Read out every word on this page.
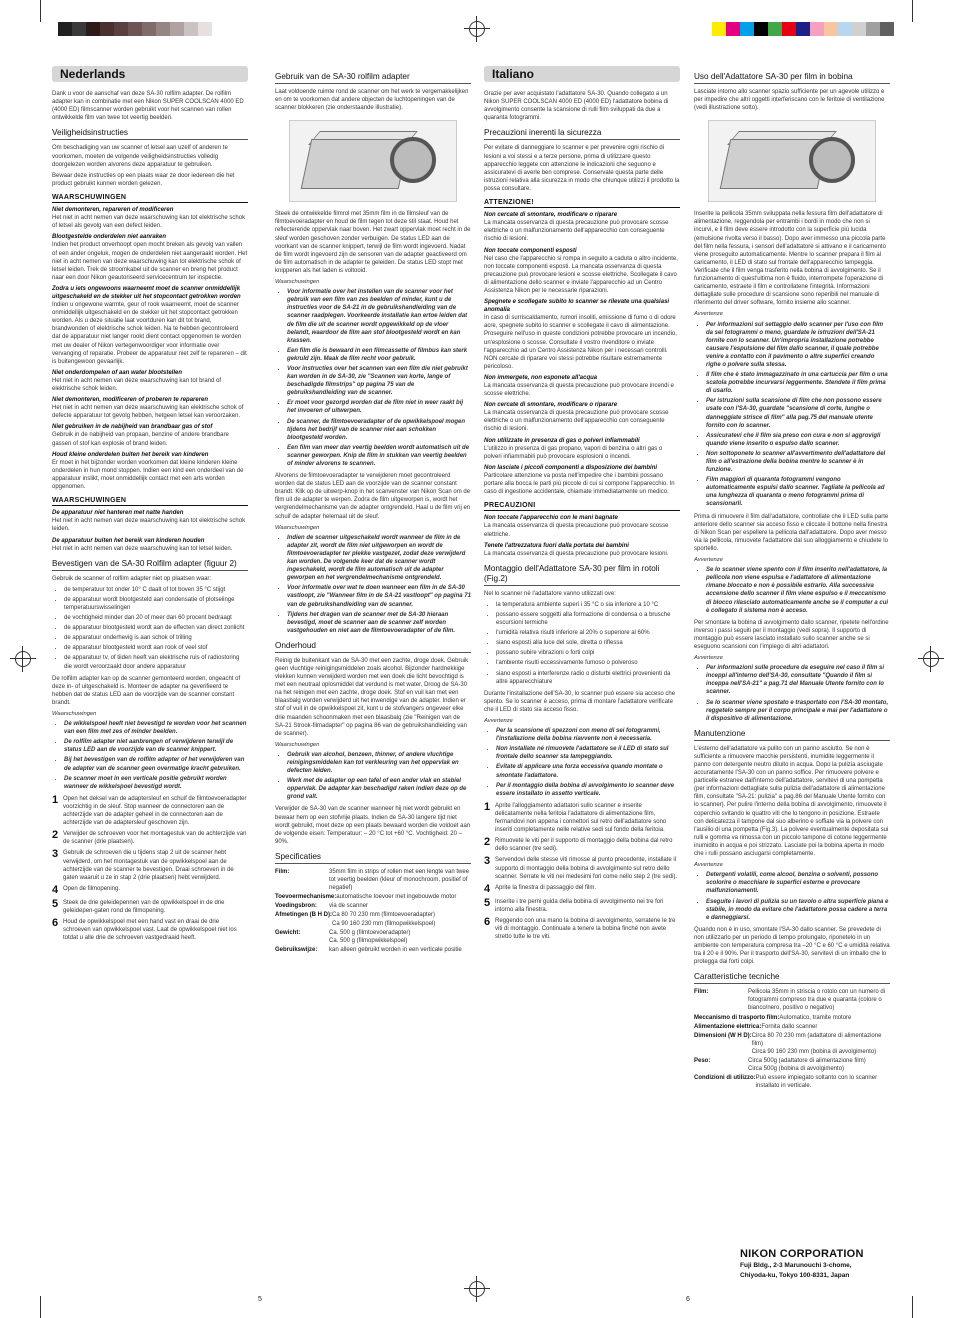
Nederlands

Dank u voor de aanschaf van deze SA-30 rolfilm adapter. De rolfilm adapter kan in combinatie met een Nikon SUPER COOLSCAN 4000 ED (4000 ED) filmscanner worden gebruikt voor het scannen van rollen ontwikkelde film van twee tot veertig beelden.

Veiligheidsinstructies

Om beschadiging van uw scanner of letsel aan uzelf of anderen te voorkomen, moeten de volgende veiligheidsinstructies volledig doorgelezen worden alvorens deze apparatuur te gebruiken.

Bewaar deze instructies op een plaats waar ze door iedereen die het product gebruikt kunnen worden gelezen.

WAARSCHUWINGEN
Niet demonteren, repareren of modificeren

Het niet in acht nemen van deze waarschuwing kan tot elektrische schok of letsel als gevolg van een defect leiden.

Blootgestelde onderdelen niet aanraken

Indien het product onverhoopt open mocht breken als gevolg van vallen of een ander ongeluk, mogen de onderdelen niet aangeraakt worden. Het niet in acht nemen van deze waarschuwing kan tot elektrische schok of letsel leiden. Trek de stroomkabel uit de scanner en breng het product naar een door Nikon geautoriseerd servicecentrum ter inspectie.

Zodra u iets ongewoons waarneemt moet de scanner onmiddellijk uitgeschakeld en de stekker uit het stopcontact getrokken worden

Indien u ongewone warmte, geur of rook waarneemt, moet de scanner onmiddellijk uitgeschakeld en de stekker uit het stopcontact getrokken worden. Als u deze situatie laat voortduren kan dit tot brand, brandwonden of elektrische schok leiden. Na te hebben gecontroleerd dat de apparatuur niet langer rookt dient contact opgenomen te worden met uw dealer of Nikon vertegenwoordiger voor informatie over vervanging of reparatie. Probeer de apparatuur niet zelf te repareren – dit is buitengewoon gevaarlijk.

Niet onderdompelen of aan water blootstellen

Het niet in acht nemen van deze waarschuwing kan tot brand of elektrische schok leiden.

Niet demonteren, modificeren of proberen te repareren

Het niet in acht nemen van deze waarschuwing kan elektrische schok of defecte apparatuur tot gevolg hebben, hetgeen letsel kan veroorzaken.

Niet gebruiken in de nabijheid van brandbaar gas of stof

Gebruik in de nabijheid van propaan, benzine of andere brandbare gassen of stof kan explosie of brand leiden.

Houd kleine onderdelen buiten het bereik van kinderen

Er moet in het bijzonder worden voorkomen dat kleine kinderen kleine onderdelen in hun mond stoppen. Indien een kind een onderdeel van de apparatuur inslikt, moet onmiddellijk contact met een arts worden opgenomen.

WAARSCHUWINGEN
De apparatuur niet hanteren met natte handen

Het niet in acht nemen van deze waarschuwing kan tot elektrische schok leiden.

De apparatuur buiten het bereik van kinderen houden

Het niet in acht nemen van deze waarschuwing kan tot letsel leiden.

Bevestigen van de SA-30 Rolfilm adapter (figuur 2)

Gebruik de scanner of rolfilm adapter niet op plaatsen waar:

• de temperatuur tot onder 10° C daalt of tot boven 35 °C stijgt
• de apparatuur wordt blootgesteld aan condensatie of plotselinge temperatuurswisselingen
• de vochtigheid minder dan 20 of meer dan 60 procent bedraagt
• de apparatuur blootgesteld wordt aan de effecten van direct zonlicht
• de apparatuur onderhevig is aan schok of trilling
• de apparatuur blootgesteld wordt aan rook of veel stof
• de apparatuur tv, of tiiden heeft van elektrische ruis of radiostoring die wordt veroorzaakt door andere apparatuur

De rolfilm adapter kan op de scanner gemonteerd worden, ongeacht of deze in- of uitgeschakeld is. Monteer de adapter na geverifieerd te hebben dat de status LED aan de voorzijde van de scanner constant brandt.

Waarschuwingen
• De wikkelspoel heeft niet bevestigd te worden voor het scannen van een film met zes of minder beelden.
• De rolfilm adapter niet aanbrengen of verwijderen terwijl de status LED aan de voorzijde van de scanner knippert.
• Bij het bevestigen van de rolfilm adapter of het verwijderen van de adapter van de scanner geen overmatige kracht gebruiken.
• De scanner moet in een verticale positie gebruikt worden wanneer de wikkelspoel bevestigd wordt.
1 Open het deksel van de adaptersleuf en schuif de filmtoevoeradapter voorzichtig in de sleuf. Stop wanneer de connectoren aan de achterzijde van de adapter geheel in de connectoren aan de achterzijde van de adaptersleuf geschoven zijn.
2 Verwijder de schroeven voor het montagestuk van de achterzijde van de scanner (drie plaatsen).
3 Gebruik de schroeven die u tijdens stap 2 uit de scanner hebt verwijderd, om het montagestuk van de opwikkelspoel aan de achterzijde van de scanner te bevestigen. Draai schroeven in de gaten waaruit u ze in stap 2 (drie plaatsen) hebt verwijderd.
4 Open de filmopening.
5 Steek de drie geleidepennen van de opwikkelspoel in de drie geleidepen-gaten rond de filmopening.
6 Houd de opwikkelspoel met een hand vast en draai de drie schroeven van opwikkelspoel vast. Laat de opwikkelspoel niet los totdat u alle drie de schroeven vastgedraaid heeft.
Gebruik van de SA-30 rolfilm adapter

Laat voldoende ruimte rond de scanner om het werk te vergemakkelijken en om te voorkomen dat andere objecten de luchtopeningen van de scanner blokkeren (zie onderstaande illustratie).

Steek de ontwikkelde filmrol met 35mm film in de filmsleuf van de filmtoevoeradapter en houd de film tegen tot deze stil staat. Houd het reflecterende oppervlak naar boven. Het zwart oppervlak moet recht in de sleuf worden geschoven zonder verbuigen. De status LED aan de voorkant van de scanner knippert, terwijl de film wordt ingevoerd. Nadat de film wordt ingevoerd zijn de sensoren van de adapter geactiveerd om de film automatisch in de adapter te geleiden. De status LED stopt met knipperen als het laden is voltooid.

Waarschuwingen
• Voor informatie over het instellen van de scanner voor het gebruik van een film van zes beelden of minder, kunt u de instructies voor de SA-21 in de gebruikshandleiding van de scanner raadplegen. Voorkeerde installatie kan ertoe leiden dat de film die uit de scanner wordt opgewikkeld op de vloer belandt, waardoor de film aan stof blootgesteld wordt en kan krassen.
• Een film die is bewaard in een filmcassette of filmbus kan sterk gekruld zijn. Maak de film recht voor gebruik.
• Voor instructies over het scannen van een film die niet gebruikt kan worden in de SA-30, zie "Scannen van korte, lange of beschadigde filmstrips" op pagina 75 van de gebruikshandleiding van de scanner.
• Er moet voor gezorgd worden dat de film niet in weer raakt bij het invoeren of uitwerpen.
• De scanner, de filmtoevoeradapter of de opwikkelspoel mogen tijdens het bedrijf van de scanner niet aan schokken blootgesteld worden.
• Een film van meer dan veertig beelden wordt automatisch uit de scanner geworpen. Knip de film in stukken van veertig beelden of minder alvorens te scannen.

Alvorens de filmtoevoeradapter te verwijderen moet gecontroleerd worden dat de status LED aan de voorzijde van de scanner constant brandt. Klik op de uitwerp-knop in het scanvenster van Nikon Scan om de film uit de adapter te werpen. Zodra de film uitgeworpen is, wordt het vergrendelmechanisme van de adapter ontgrendeld. Haal u de film vrij en schuif de adapter helemaal uit de sleuf.

Waarschuwingen
• Indien de scanner uitgeschakeld wordt wanneer de film in de adapter zit, wordt de film niet uitgeworpen en wordt de filmtoevoeradapter ter plekke vastgezet, zodat deze verwijderd kan worden. De volgende keer dat de scanner wordt ingeschakeld, wordt de film automatisch uit de adapter geworpen en het vergrendelmechanisme ontgrendeld.
• Voor informatie over wat te doen wanneer een film in de SA-30 vastloopt, zie "Wanneer film in de SA-21 vastloopt" op pagina 71 van de gebruikshandleiding van de scanner.
• Tijdens het dragen van de scanner met de SA-30 hieraan bevestigd, moet de scanner aan de scanner zelf worden vastgehouden en niet aan de filmtoevoeradapter of de film.
Onderhoud

Reinig de buitenkant van de SA-30 met een zachte, droge doek. Gebruik geen vluchtige reinigingsmiddelen zoals alcohol. Bijzonder hardnekkige vlekken kunnen verwijderd worden met een doek die licht bevochtigd is met een neutraal oplosmiddel dat verdund is met water. Droog de SA-30 na het reinigen met een zachte, droge doek. Stof en vuil kan met een blaasbalg worden verwijderd uit het inwendige van de adapter. Indien er stof of vuil in de opwikkelspoel zit, kunt u de stofvangers ongeveer elke drie maanden schoonmaken met een blaasbalg (zie "Reinigen van de SA-21 Strook-filmadapter" op pagina 86 van de gebruikshandleiding van de scanner).

Waarschuwingen
• Gebruik van alcohol, benzeen, thinner, of andere vluchtige reinigingsmiddelen kan tot verkleuring van het oppervlak en defecten leiden.
• Werk met de adapter op een tafel of een ander vlak en stabiel oppervlak. De adapter kan beschadigd raken indien deze op de grond valt.

Verwijder de SA-30 van de scanner wanneer hij niet wordt gebruikt en bewaar hem op een stofvrije plaats. Indien de SA-30 langere tijd niet wordt gebruikt, moet deze op een plaats bewaard worden die voldoet aan de volgende eisen: Temperatuur: – 20 °C tot +60 °C. Vochtigheid: 20 – 90%.

Specificaties
Film:	35mm film in strips of rollen met een lengte van twee tot veertig beelden (kleur of monochroom, positief of negatief)
Toevoermechanisme: automatische toevoer met ingebouwde motor
Voedingsbron:	via de scanner
Afmetingen (B H D): Ca 80 70 230 mm (filmtoevoeradapter)
Ca 90 160 230 mm (filmopwikkelspoel)
Gewicht:	Ca. 500 g (filmtoevoeradapter)
Ca. 500 g (filmopwikkelspoel)
Gebruikswijze:	kan alleen gebruikt worden in een verticale positie
Italiano

Grazie per aver acquistato l'adattatore SA-30. Quando collegato a un Nikon SUPER COOLSCAN 4000 ED (4000 ED) l'adattatore bobina di avvolgimento consente la scansione di rulli film sviluppati da due a quaranta fotogrammi.

Precauzioni inerenti la sicurezza

Per evitare di danneggiare lo scanner e per prevenire ogni rischio di lesioni a voi stessi e a terze persone, prima di utilizzare questo apparecchio leggete con attenzione le indicazioni che seguono e assicuratevi di averle ben comprese. Conservate questa parte delle istruzioni relativa alla sicurezza in modo che chiunque utilizzi il prodotto la possa consultare.

ATTENZIONE!
Non cercate di smontare, modificare o riparare

La mancata osservanza di questa precauzione può provocare scosse elettriche o un malfunzionamento dell'apparecchio con conseguente rischio di lesioni.

Non toccate componenti esposti

Nel caso che l'apparecchio si rompa in seguito a caduta o altro incidente, non toccate componenti esposti. La mancata osservanza di questa precauzione può provocare lesioni e scosse elettriche. Scollegate il cavo di alimentazione dello scanner e inviate l'apparecchio ad un Centro Assistenza Nikon per le necessarie riparazioni.

Spegnete e scollegate subito lo scanner se rilevate una qualsiasi anomalia

In caso di surriscaldamento, rumori insoliti, emissione di fumo o di odore acre, spegnete subito lo scanner e scollegate il cavo di alimentazione. Proseguire nell'uso in queste condizioni potrebbe provocare un incendio, un'esplosione o scosse. Consultate il vostro rivenditore o inviate l'apparecchio ad un Centro Assistenza Nikon per i necessari controlli. NON cercate di riparare voi stessi potrebbe risultare estremamente pericoloso.

Non immergete, non esponete all'acqua

La mancata osservanza di questa precauzione può provocare incendi e scosse elettriche.

Non cercate di smontare, modificare o riparare

La mancata osservanza di questa precauzione può provocare scosse elettriche o un malfunzionamento dell'apparecchio con conseguente rischio di lesioni.

Non utilizzate in presenza di gas o polveri infiammabili

L'utilizzo in presenza di gas propano, vapori di benzina o altri gas o polveri infiammabili può provocare esplosioni o incendi.

Non lasciate i piccoli componenti a disposizione dei bambini

Particolare attenzione va posta nell'impedire che i bambini possano portare alla bocca le parti più piccole di cui si compone l'apparecchio. In caso di ingestione accidentale, chiamate immediatamente un medico.

PRECAUZIONI
Non toccate l'apparecchio con le mani bagnate

La mancata osservanza di questa precauzione può provocare scosse elettriche.

Tenete l'attrezzatura fuori dalla portata dei bambini

La mancata osservanza di questa precauzione può provocare lesioni.

Montaggio dell'Adattatore SA-30 per film in rotoli (Fig.2)

Nel lo scanner né l'adattatore vanno utilizzati ove:

• la temperatura ambiente superi i 35 °C o sia inferiore a 10 °C
• possano essere soggetti alla formazione di condensa o a brusche escursioni termiche
• l'umidità relativa risulti inferiore al 20% o superiore al 60%
• siano esposti alla luce del sole, diretta o riflessa
• possano subire vibrazioni o forti colpi
• l'ambiente risulti eccessivamente fumoso o polveroso
• siano esposti a interferenze radio o disturbi elettrici provenienti da altre apparecchiature

Durante l'installazione dell'SA-30, lo scanner può essere sia acceso che spento. Se lo scanner è acceso, prima di montare l'adattatore verificate che il LED di stato sia acceso fisso.

Avvertenze
• Per la scansione di spezzoni con meno di sei fotogrammi, l'installazione della bobina riavvente non è necessaria.
• Non installate né rimuovete l'adattatore se il LED di stato sul frontale dello scanner sta lampeggiando.
• Evitate di applicare una forza eccessiva quando montate o smontate l'adattatore.
• Per il montaggio della bobina di avvolgimento lo scanner deve essere installato in assetto verticale.
1 Aprite l'alloggiamento adattatori sullo scanner e inserite delicatamente nella feritoia l'adattatore di alimentazione film, fermandovi non appena i connettori sul retro dell'adattatore sono inseriti completamente nelle relative sedi sul fondo della feritoia.
2 Rimuovete le viti per il supporto di montaggio della bobina dal retro dello scanner (tre sedi).
3 Servendovi delle stesse viti rimosse al punto precedente, installate il supporto di montaggio della bobina di avvolgimento sul retro dello scanner. Serrate le viti nei medesimi fori come nello step 2 (tre sedi).
4 Aprite la finestra di passaggio del film.
5 Inserite i tre perni guida della bobina di avvolgimento nei tre fori intorno alla finestra.
6 Reggendo con una mano la bobina di avvolgimento, serratene le tre viti di montaggio. Continuate a tenere la bobina finché non avete stretto tutte le tre viti.
Uso dell'Adattatore SA-30 per film in bobina

Lasciate intorno allo scanner spazio sufficiente per un agevole utilizzo e per impedire che altri oggetti interferiscano con le feritoie di ventilazione (vedi illustrazione sotto).

Inserite la pellicola 35mm sviluppata nella fessura film dell'adattatore di alimentazione, reggendola per entrambi i bordi in modo che non si incurvi, e il film deve essere introdotto con la superficie più lucida (emulsione rivolta verso il basso). Dopo aver immesso una piccola parte del film nella fessura, i sensori dell'adattatore si attivano e il caricamento viene proseguito automaticamente. Mentre lo scanner prepara il film al caricamento, il LED di stato sul frontale dell'apparecchio lampeggia. Verificate che il film venga trasferito nella bobina di avvolgimento. Se il funzionamento di quest'ultima non è fluido, interrompete l'operazione di caricamento, estraete il film e controllatene l'integrità. Informazioni dettagliate sulle procedure di scansione sono reperibili nel manuale di riferimento del driver software, fornito insieme allo scanner.

Avvertenze
• Per informazioni sul settaggio dello scanner per l'uso con film da sei fotogrammi o meno, guardate le istruzioni dell'SA-21 fornite con lo scanner. Un'impropria installazione potrebbe causare l'espulsione del film dallo scanner, il quale potrebbe venire a contatto con il pavimento o altre superfici creando righe o polvere sulla stessa.
• Il film che è stato immagazzinato in una cartuccia per film o una scatola potrebbe incurvarsi leggermente. Stendete il film prima di usarlo.
• Per istruzioni sulla scansione di film che non possono essere usate con l'SA-30, guardate "scansione di corte, lunghe o danneggiate strisce di film" alla pag.75 del manuale utente fornito con lo scanner.
• Assicuratevi che il film sia preso con cura e non si aggrovigli quando viene inserito o espulso dallo scanner.
• Non sottoponete lo scanner all'avvertimento dell'adattatore del film o all'estrazione della bobina mentre lo scanner è in funzione.
• Film maggiori di quaranta fotogrammi vengono automaticamente espulsi dallo scanner. Tagliate la pellicola ad una lunghezza di quaranta o meno fotogrammi prima di scansionarli.

Prima di rimuovere il film dall'adattatore, controllate che il LED sulla parte anteriore dello scanner sia acceso fisso e cliccate il bottone nella finestra di Nikon Scan per espellere la pellicola dall'adattatore. Dopo aver messo via la pellicola, rimuovete l'adattatore dal suo alloggiamento e chiudete lo sportello.

Avvertenze
• Se lo scanner viene spento con il film inserito nell'adattatore, la pellicola non viene espulsa e l'adattatore di alimentazione rimane bloccato e non è possibile estrarlo. Alla successiva accensione dello scanner il film viene espulso e il meccanismo di blocco rilasciato automaticamente anche se il computer a cui è collegato il sistema non è acceso.

Per smontare la bobina di avvolgimento dallo scanner, ripetete nell'ordine inverso i passi seguiti per il montaggio (vedi sopra). Il supporto di montaggio può essere lasciato installato sullo scanner anche se si eseguono scansioni con l'impiego di altri adattatori.

Avvertenze
• Per informazioni sulle procedure da eseguire nel caso il film si inceppi all'interno dell'SA-30, consultate "Quando il film si inceppa nell'SA-21" a pag.71 del Manuale Utente fornito con lo scanner.
• Se lo scanner viene spostato e trasportato con l'SA-30 montato, reggetelo sempre per il corpo principale e mai per l'adattatore o il dispositivo di alimentazione.
Manutenzione

L'esterno dell'adattatore va pulito con un panno asciutto. Se non è sufficiente a rimuovere macchie persistenti, inumidite leggermente il panno con detergente neutro diluito in acqua. Dopo la pulizia asciugate accuratamente l'SA-30 con un panno soffice. Per rimuovere polvere e particelle estranee dall'interno dell'adattatore, servitevi di una pompetta (per informazioni dettagliate sulla pulizia dell'adattatore di alimentazione film, consultate "SA-21: pulizia" a pag.86 del Manuale Utente fornito con lo scanner). Per pulire l'interno della bobina di avvolgimento, rimuovete il coperchio svitando le quattro viti che lo tengono in posizione. Estraete con delicatezza il tampone dal suo alberino e soffiate via la polvere con l'ausilio di una pompetta (Fig.3). La polvere eventualmente depositata sui rulli e gomma va rimossa con un piccolo tampone di cotone leggermente inumidito in acqua e poi strizzato. Lasciate poi la bobina aperta in modo che i rulli possano asciugarsi completamente.

Avvertenze
• Detergenti volatili, come alcool, benzina o solventi, possono scolorire o macchiare le superfici esterne e provocare malfunzionamenti.
• Eseguite i lavori di pulizia su un tavolo o altra superficie piana e stabile, in modo da evitare che l'adattatore possa cadere a terra e danneggiarsi.

Quando non è in uso, smontate l'SA-30 dallo scanner. Se prevedete di non utilizzarlo per un periodo di tempo prolungato, riponetelo in un ambiente con temperatura compresa tra –20 °C e 60 °C e umidità relativa tra il 20 e il 90%. Per il trasporto dell'SA-30, servitevi di un imballo che lo protegga dai forti colpi.

Caratteristiche tecniche
Film:	Pellicola 35mm in striscia o rotolo con un numero di fotogrammi compreso tra due e quaranta (colore o bianco/nero, positivo o negativo)
Meccanismo di trasporto film: Automatico, tramite motore
Alimentazione elettrica: Fornita dallo scanner
Dimensioni (W H D): Circa 80 70 230 mm (adattatore di alimentazione film)
Circa 90 160 230 mm (bobina di avvolgimento)
Peso:	Circa 500g (adattatore di alimentazione film)
Circa 500g (bobina di avvolgimento)
Condizioni di utilizzo: Può essere impiegato soltanto con lo scanner installato in verticale.
NIKON CORPORATION
Fuji Bldg., 2-3 Marunouchi 3-chome,
Chiyoda-ku, Tokyo 100-8331, Japan
5	6
